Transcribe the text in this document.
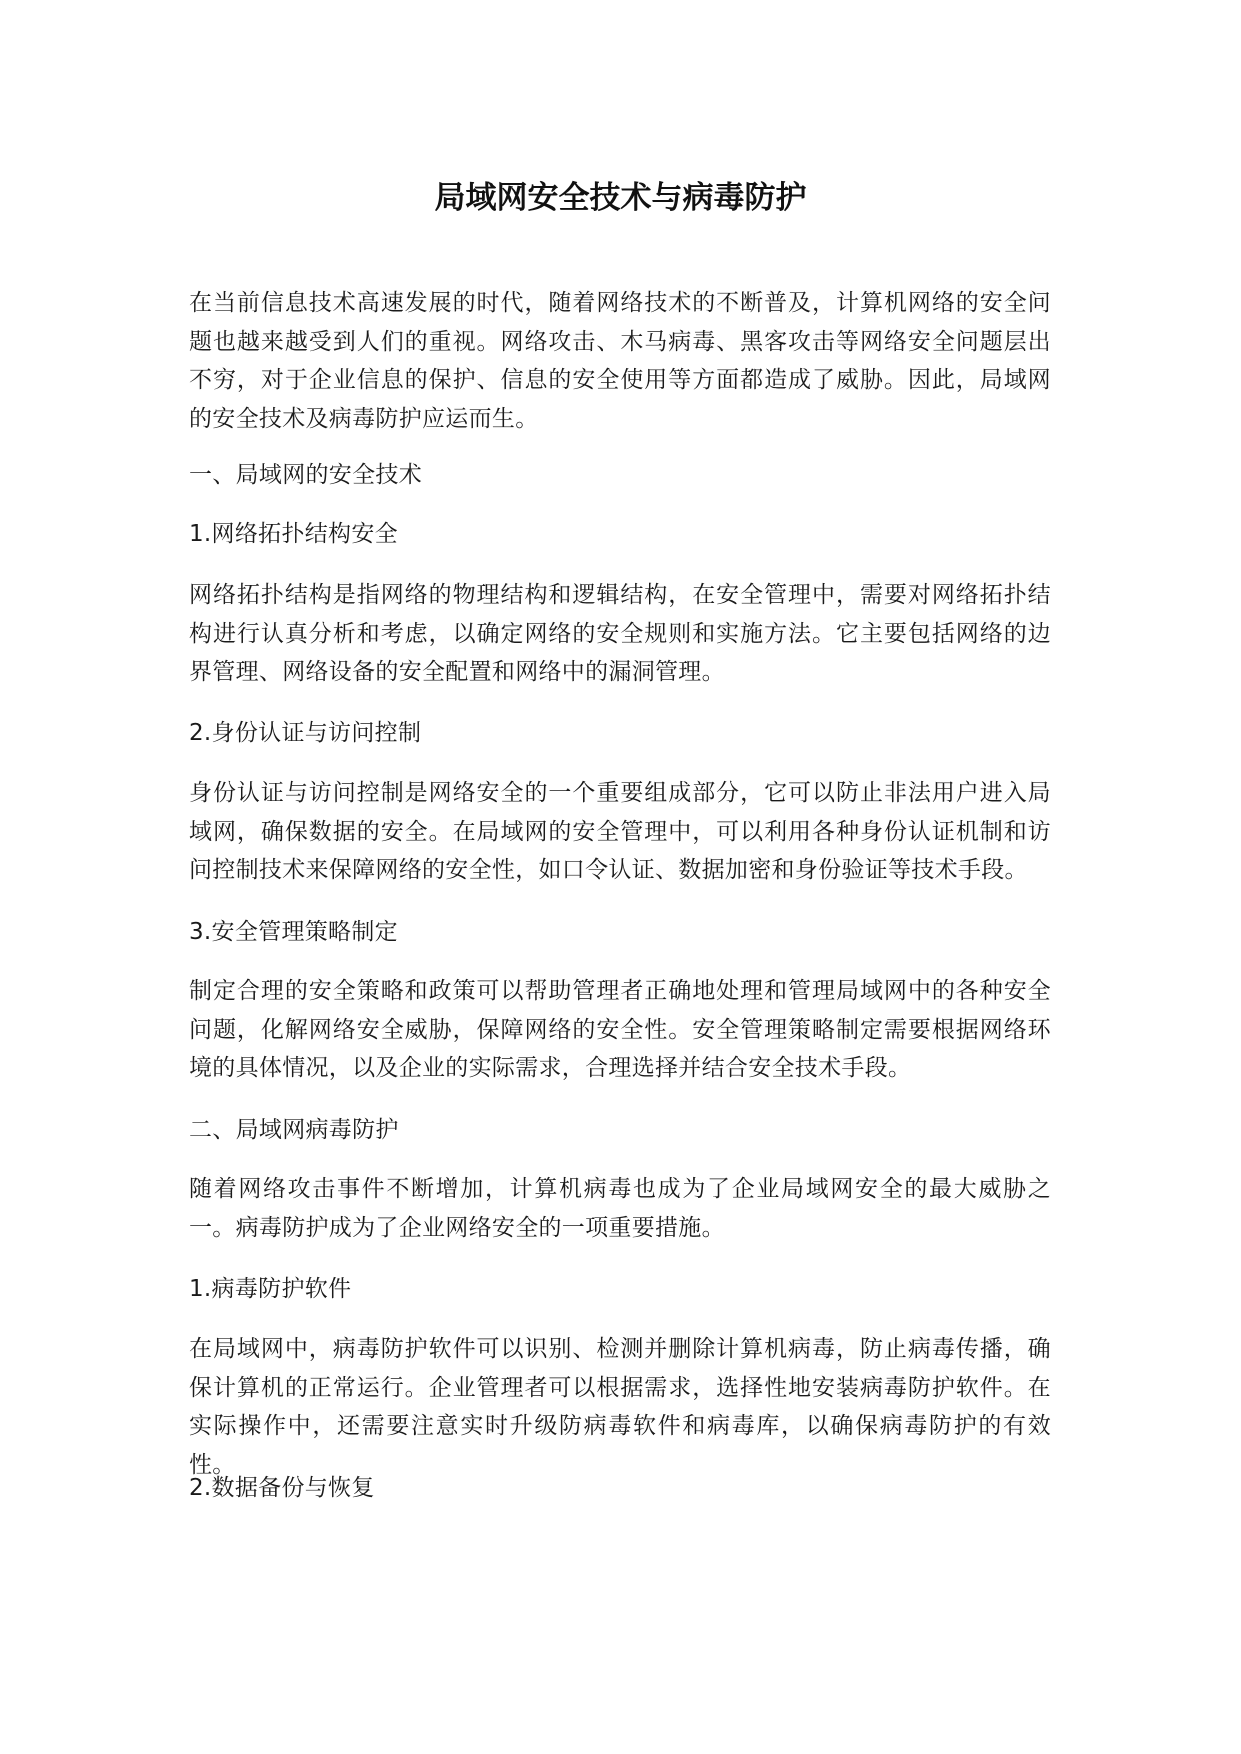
局域网安全技术与病毒防护

在当前信息技术高速发展的时代，随着网络技术的不断普及，计算机网络的安全问题也越来越受到人们的重视。网络攻击、木马病毒、黑客攻击等网络安全问题层出不穷，对于企业信息的保护、信息的安全使用等方面都造成了威胁。因此，局域网的安全技术及病毒防护应运而生。

一、局域网的安全技术

1.网络拓扑结构安全

网络拓扑结构是指网络的物理结构和逻辑结构，在安全管理中，需要对网络拓扑结构进行认真分析和考虑，以确定网络的安全规则和实施方法。它主要包括网络的边界管理、网络设备的安全配置和网络中的漏洞管理。

2.身份认证与访问控制

身份认证与访问控制是网络安全的一个重要组成部分，它可以防止非法用户进入局域网，确保数据的安全。在局域网的安全管理中，可以利用各种身份认证机制和访问控制技术来保障网络的安全性，如口令认证、数据加密和身份验证等技术手段。

3.安全管理策略制定

制定合理的安全策略和政策可以帮助管理者正确地处理和管理局域网中的各种安全问题，化解网络安全威胁，保障网络的安全性。安全管理策略制定需要根据网络环境的具体情况，以及企业的实际需求，合理选择并结合安全技术手段。

二、局域网病毒防护

随着网络攻击事件不断增加，计算机病毒也成为了企业局域网安全的最大威胁之一。病毒防护成为了企业网络安全的一项重要措施。

1.病毒防护软件

在局域网中，病毒防护软件可以识别、检测并删除计算机病毒，防止病毒传播，确保计算机的正常运行。企业管理者可以根据需求，选择性地安装病毒防护软件。在实际操作中，还需要注意实时升级防病毒软件和病毒库，以确保病毒防护的有效性。

2.数据备份与恢复
